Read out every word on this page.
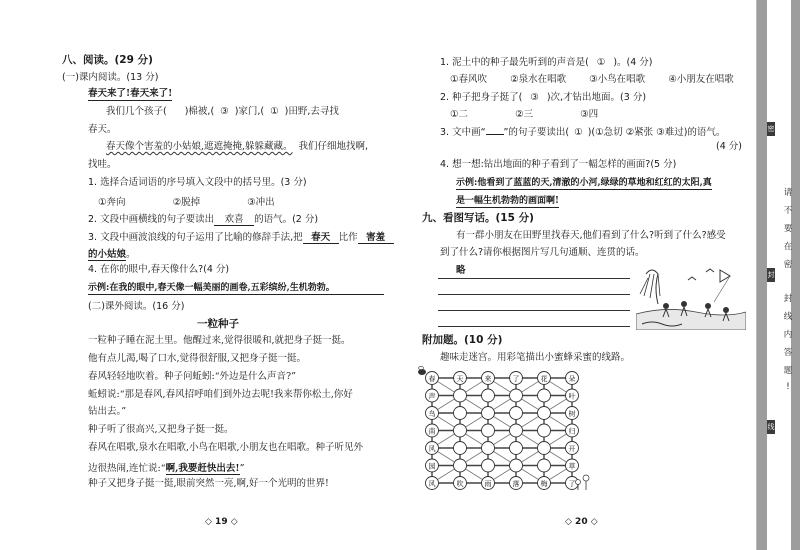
八、阅读。(29 分)
(一)课内阅读。(13 分)
春天来了!春天来了!
我们几个孩子( )棉被,( ③ )家门,( ① )田野,去寻找
春天。
春天像个害羞的小姑娘,遮遮掩掩,躲躲藏藏。 我们仔细地找啊,
找哇。
1. 选择合适词语的序号填入文段中的括号里。(3 分)
①奔向	②脱掉	③冲出
2. 文段中画横线的句子要读出 欢喜 的语气。(2 分)
3. 文段中画波浪线的句子运用了比喻的修辞手法,把 春天 比作 害羞
的小姑娘。
4. 在你的眼中,春天像什么?(4 分)
示例:在我的眼中,春天像一幅美丽的画卷,五彩缤纷,生机勃勃。
(二)课外阅读。(16 分)
一粒种子
一粒种子睡在泥土里。他醒过来,觉得很暖和,就把身子挺一挺。
他有点儿渴,喝了口水,觉得很舒服,又把身子挺一挺。
春风轻轻地吹着。种子问蚯蚓:“外边是什么声音?”
蚯蚓说:“那是春风,春风招呼咱们到外边去呢!我来帮你松土,你好
钻出去。”
种子听了很高兴,又把身子挺一挺。
春风在唱歌,泉水在唱歌,小鸟在唱歌,小朋友也在唱歌。种子听见外
边很热闹,连忙说:“啊,我要赶快出去!”
种子又把身子挺一挺,眼前突然一亮,啊,好一个光明的世界!
◇ 19 ◇
1. 泥土中的种子最先听到的声音是( ① )。(4 分)
①春风吹 ②泉水在唱歌 ③小鸟在唱歌 ④小朋友在唱歌
2. 种子把身子挺了( ③ )次,才钻出地面。(3 分)
①二	②三	③四
3. 文中画“ ”的句子要读出( ① )(①急切 ②紧张 ③难过)的语气。
(4 分)
4. 想一想:钻出地面的种子看到了一幅怎样的画面?(5 分)
示例:他看到了蓝蓝的天,清澈的小河,绿绿的草地和红红的太阳,真
是一幅生机勃勃的画面啊!
九、看图写话。(15 分)
有一群小朋友在田野里找春天,他们看到了什么?听到了什么?感受
到了什么?请你根据图片写几句通顺、连贯的话。
略
附加题。(10 分)
趣味走迷宫。用彩笔描出小蜜蜂采蜜的线路。
春	天	来	了	花	朵
声	叶
鸟	树
南	归
风	开
园	草
风	吹	雨	落	梅	了
◇ 20 ◇
密
封
线
请
不
要
在
密
封
线
内
答
题
!
